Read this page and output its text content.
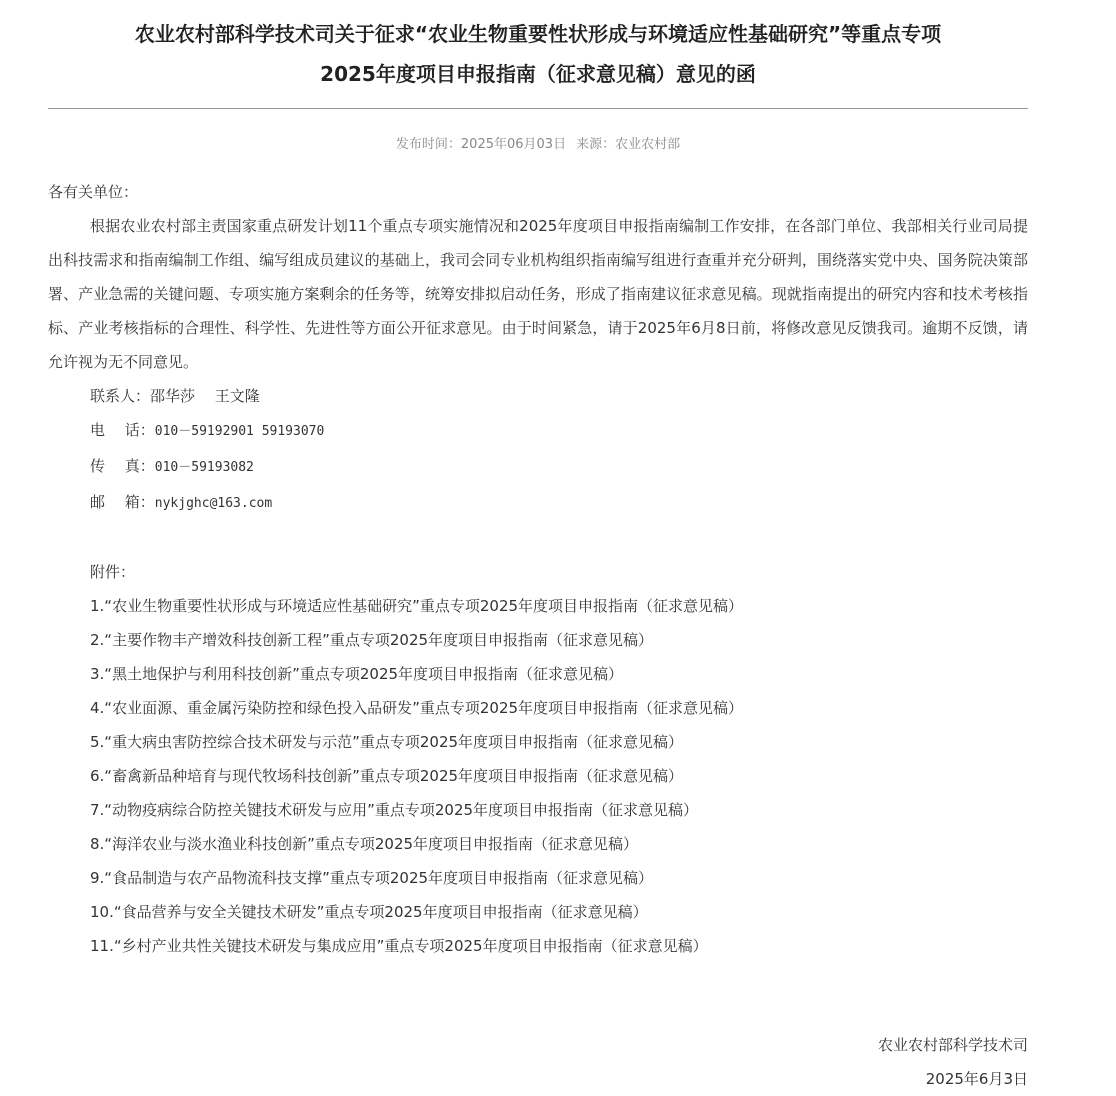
农业农村部科学技术司关于征求“农业生物重要性状形成与环境适应性基础研究”等重点专项
2025年度项目申报指南（征求意见稿）意见的函
发布时间：2025年06月03日 来源：农业农村部

各有关单位：

根据农业农村部主责国家重点研发计划11个重点专项实施情况和2025年度项目申报指南编制工作安排，在各部门单位、我部相关行业司局提出科技需求和指南编制工作组、编写组成员建议的基础上，我司会同专业机构组织指南编写组进行查重并充分研判，围绕落实党中央、国务院决策部署、产业急需的关键问题、专项实施方案剩余的任务等，统筹安排拟启动任务，形成了指南建议征求意见稿。现就指南提出的研究内容和技术考核指标、产业考核指标的合理性、科学性、先进性等方面公开征求意见。由于时间紧急，请于2025年6月8日前，将修改意见反馈我司。逾期不反馈，请允许视为无不同意见。

联系人：邵华莎　 王文隆

电　 话：010－59192901 59193070

传　 真：010－59193082

邮　 箱：nykjghc@163.com

附件：

1.“农业生物重要性状形成与环境适应性基础研究”重点专项2025年度项目申报指南（征求意见稿）
2.“主要作物丰产增效科技创新工程”重点专项2025年度项目申报指南（征求意见稿）
3.“黑土地保护与利用科技创新”重点专项2025年度项目申报指南（征求意见稿）
4.“农业面源、重金属污染防控和绿色投入品研发”重点专项2025年度项目申报指南（征求意见稿）
5.“重大病虫害防控综合技术研发与示范”重点专项2025年度项目申报指南（征求意见稿）
6.“畜禽新品种培育与现代牧场科技创新”重点专项2025年度项目申报指南（征求意见稿）
7.“动物疫病综合防控关键技术研发与应用”重点专项2025年度项目申报指南（征求意见稿）
8.“海洋农业与淡水渔业科技创新”重点专项2025年度项目申报指南（征求意见稿）
9.“食品制造与农产品物流科技支撑”重点专项2025年度项目申报指南（征求意见稿）
10.“食品营养与安全关键技术研发”重点专项2025年度项目申报指南（征求意见稿）
11.“乡村产业共性关键技术研发与集成应用”重点专项2025年度项目申报指南（征求意见稿）
农业农村部科学技术司
2025年6月3日
